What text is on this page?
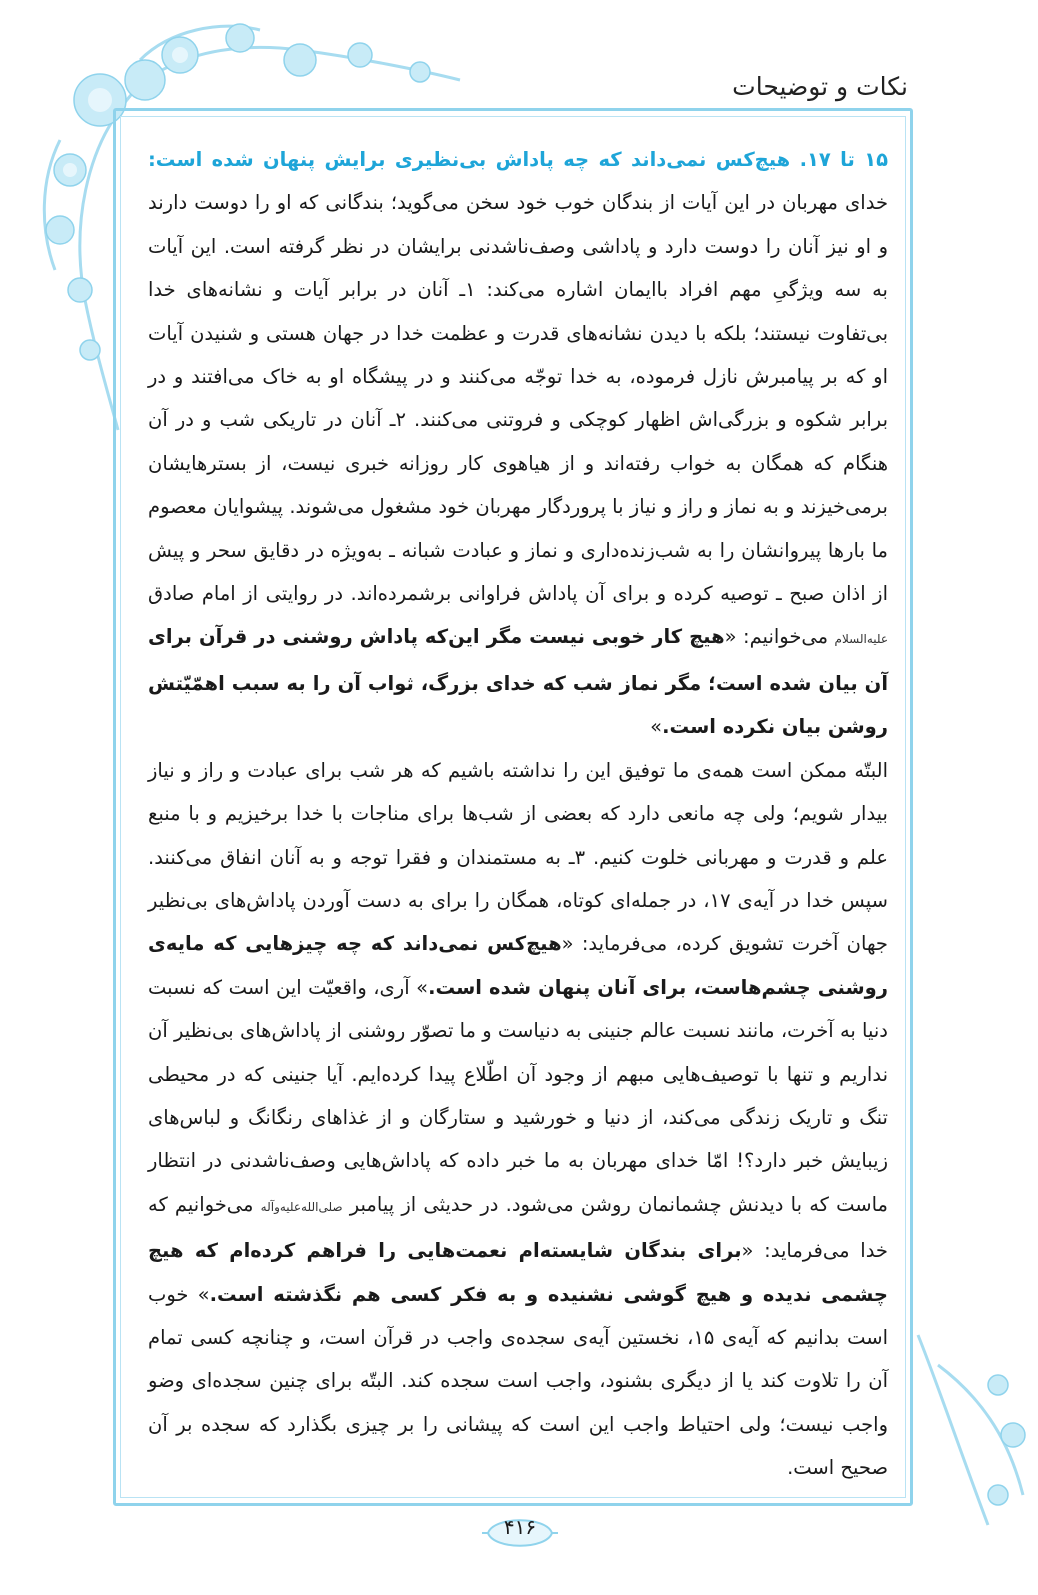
نکات و توضیحات

۱۵ تا ۱۷. هیچ‌کس نمی‌داند که چه پاداش بی‌نظیری برایش پنهان شده است: خدای مهربان در این آیات از بندگان خوب خود سخن می‌گوید؛ بندگانی که او را دوست دارند و او نیز آنان را دوست دارد و پاداشی وصف‌ناشدنی برایشان در نظر گرفته است. این آیات به سه ویژگیِ مهم افراد باایمان اشاره می‌کند: ۱ـ آنان در برابر آیات و نشانه‌های خدا بی‌تفاوت نیستند؛ بلکه با دیدن نشانه‌های قدرت و عظمت خدا در جهان هستی و شنیدن آیات او که بر پیامبرش نازل فرموده، به خدا توجّه می‌کنند و در پیشگاه او به خاک می‌افتند و در برابر شکوه و بزرگی‌اش اظهار کوچکی و فروتنی می‌کنند. ۲ـ آنان در تاریکی شب و در آن هنگام که همگان به خواب رفته‌اند و از هیاهوی کار روزانه خبری نیست، از بسترهایشان برمی‌خیزند و به نماز و راز و نیاز با پروردگار مهربان خود مشغول می‌شوند. پیشوایان معصوم ما بارها پیروانشان را به شب‌زنده‌داری و نماز و عبادت شبانه ـ به‌ویژه در دقایق سحر و پیش از اذان صبح ـ توصیه کرده و برای آن پاداش فراوانی برشمرده‌اند. در روایتی از امام صادق علیه‌السلام می‌خوانیم: «هیچ کار خوبی نیست مگر این‌که پاداش روشنی در قرآن برای آن بیان شده است؛ مگر نماز شب که خدای بزرگ، ثواب آن را به سبب اهمّیّتش روشن بیان نکرده است.»

البتّه ممکن است همه‌ی ما توفیق این را نداشته باشیم که هر شب برای عبادت و راز و نیاز بیدار شویم؛ ولی چه مانعی دارد که بعضی از شب‌ها برای مناجات با خدا برخیزیم و با منبع علم و قدرت و مهربانی خلوت کنیم. ۳ـ به مستمندان و فقرا توجه و به آنان انفاق می‌کنند. سپس خدا در آیه‌ی ۱۷، در جمله‌ای کوتاه، همگان را برای به دست آوردن پاداش‌های بی‌نظیر جهان آخرت تشویق کرده، می‌فرماید: «هیچ‌کس نمی‌داند که چه چیزهایی که مایه‌ی روشنی چشم‌هاست، برای آنان پنهان شده است.» آری، واقعیّت این است که نسبت دنیا به آخرت، مانند نسبت عالم جنینی به دنیاست و ما تصوّر روشنی از پاداش‌های بی‌نظیر آن نداریم و تنها با توصیف‌هایی مبهم از وجود آن اطّلاع پیدا کرده‌ایم. آیا جنینی که در محیطی تنگ و تاریک زندگی می‌کند، از دنیا و خورشید و ستارگان و از غذاهای رنگانگ و لباس‌های زیبایش خبر دارد؟! امّا خدای مهربان به ما خبر داده که پاداش‌هایی وصف‌ناشدنی در انتظار ماست که با دیدنش چشمانمان روشن می‌شود. در حدیثی از پیامبر صلی‌الله‌علیه‌وآله می‌خوانیم که خدا می‌فرماید: «برای بندگان شایسته‌ام نعمت‌هایی را فراهم کرده‌ام که هیچ چشمی ندیده و هیچ گوشی نشنیده و به فکر کسی هم نگذشته است.» خوب است بدانیم که آیه‌ی ۱۵، نخستین آیه‌ی سجده‌ی واجب در قرآن است، و چنانچه کسی تمام آن را تلاوت کند یا از دیگری بشنود، واجب است سجده کند. البتّه برای چنین سجده‌ای وضو واجب نیست؛ ولی احتیاط واجب این است که پیشانی را بر چیزی بگذارد که سجده بر آن صحیح است.

۴۱۶
